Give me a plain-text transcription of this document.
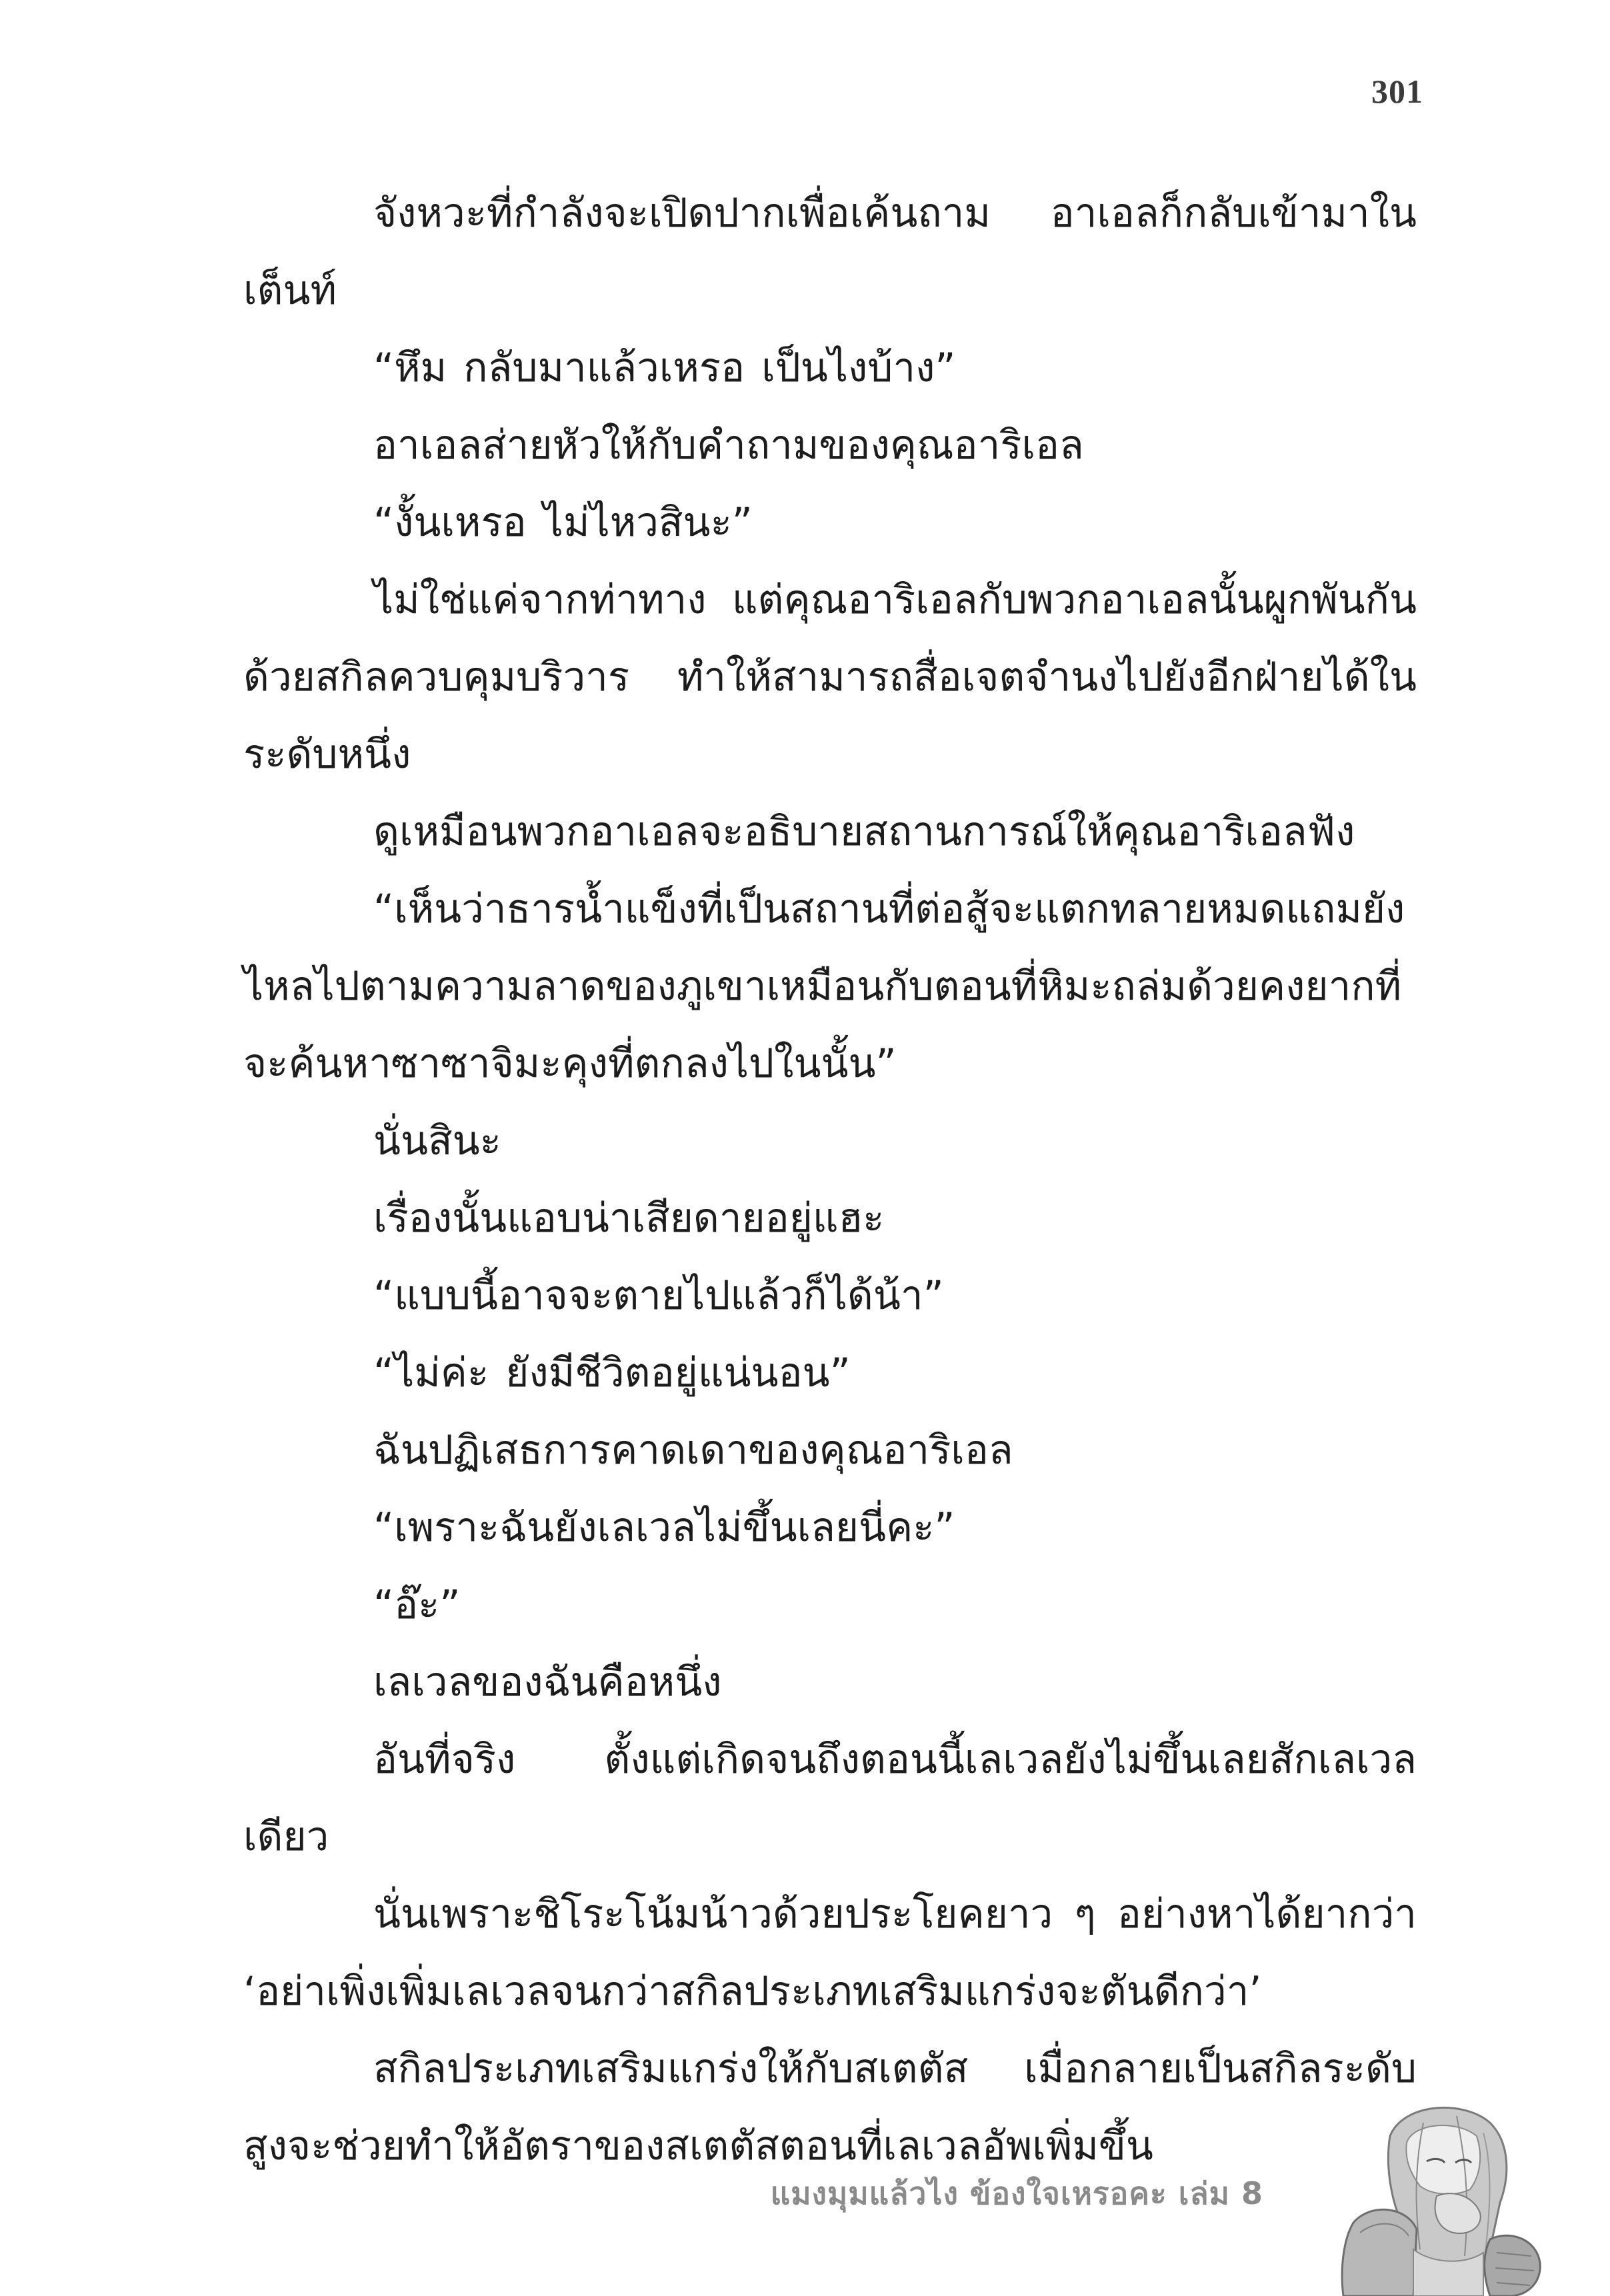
301

จังหวะที่กำลังจะเปิดปากเพื่อเค้นถาม อาเอลก็กลับเข้ามาในเต็นท์

“หึม กลับมาแล้วเหรอ เป็นไงบ้าง”

อาเอลส่ายหัวให้กับคำถามของคุณอาริเอล

“งั้นเหรอ ไม่ไหวสินะ”

ไม่ใช่แค่จากท่าทาง แต่คุณอาริเอลกับพวกอาเอลนั้นผูกพันกันด้วยสกิลควบคุมบริวาร ทำให้สามารถสื่อเจตจำนงไปยังอีกฝ่ายได้ในระดับหนึ่ง

ดูเหมือนพวกอาเอลจะอธิบายสถานการณ์ให้คุณอาริเอลฟัง

“เห็นว่าธารน้ำแข็งที่เป็นสถานที่ต่อสู้จะแตกทลายหมดแถมยังไหลไปตามความลาดของภูเขาเหมือนกับตอนที่หิมะถล่มด้วยคงยากที่จะค้นหาซาซาจิมะคุงที่ตกลงไปในนั้น”

นั่นสินะ

เรื่องนั้นแอบน่าเสียดายอยู่แฮะ

“แบบนี้อาจจะตายไปแล้วก็ได้น้า”

“ไม่ค่ะ ยังมีชีวิตอยู่แน่นอน”

ฉันปฏิเสธการคาดเดาของคุณอาริเอล

“เพราะฉันยังเลเวลไม่ขึ้นเลยนี่คะ”

“อ๊ะ”

เลเวลของฉันคือหนึ่ง

อันที่จริง ตั้งแต่เกิดจนถึงตอนนี้เลเวลยังไม่ขึ้นเลยสักเลเวลเดียว

นั่นเพราะชิโระโน้มน้าวด้วยประโยคยาว ๆ อย่างหาได้ยากว่า ‘อย่าเพิ่งเพิ่มเลเวลจนกว่าสกิลประเภทเสริมแกร่งจะตันดีกว่า’

สกิลประเภทเสริมแกร่งให้กับสเตตัส เมื่อกลายเป็นสกิลระดับสูงจะช่วยทำให้อัตราของสเตตัสตอนที่เลเวลอัพเพิ่มขึ้น

แมงมุมแล้วไง ข้องใจเหรอคะ เล่ม 8
